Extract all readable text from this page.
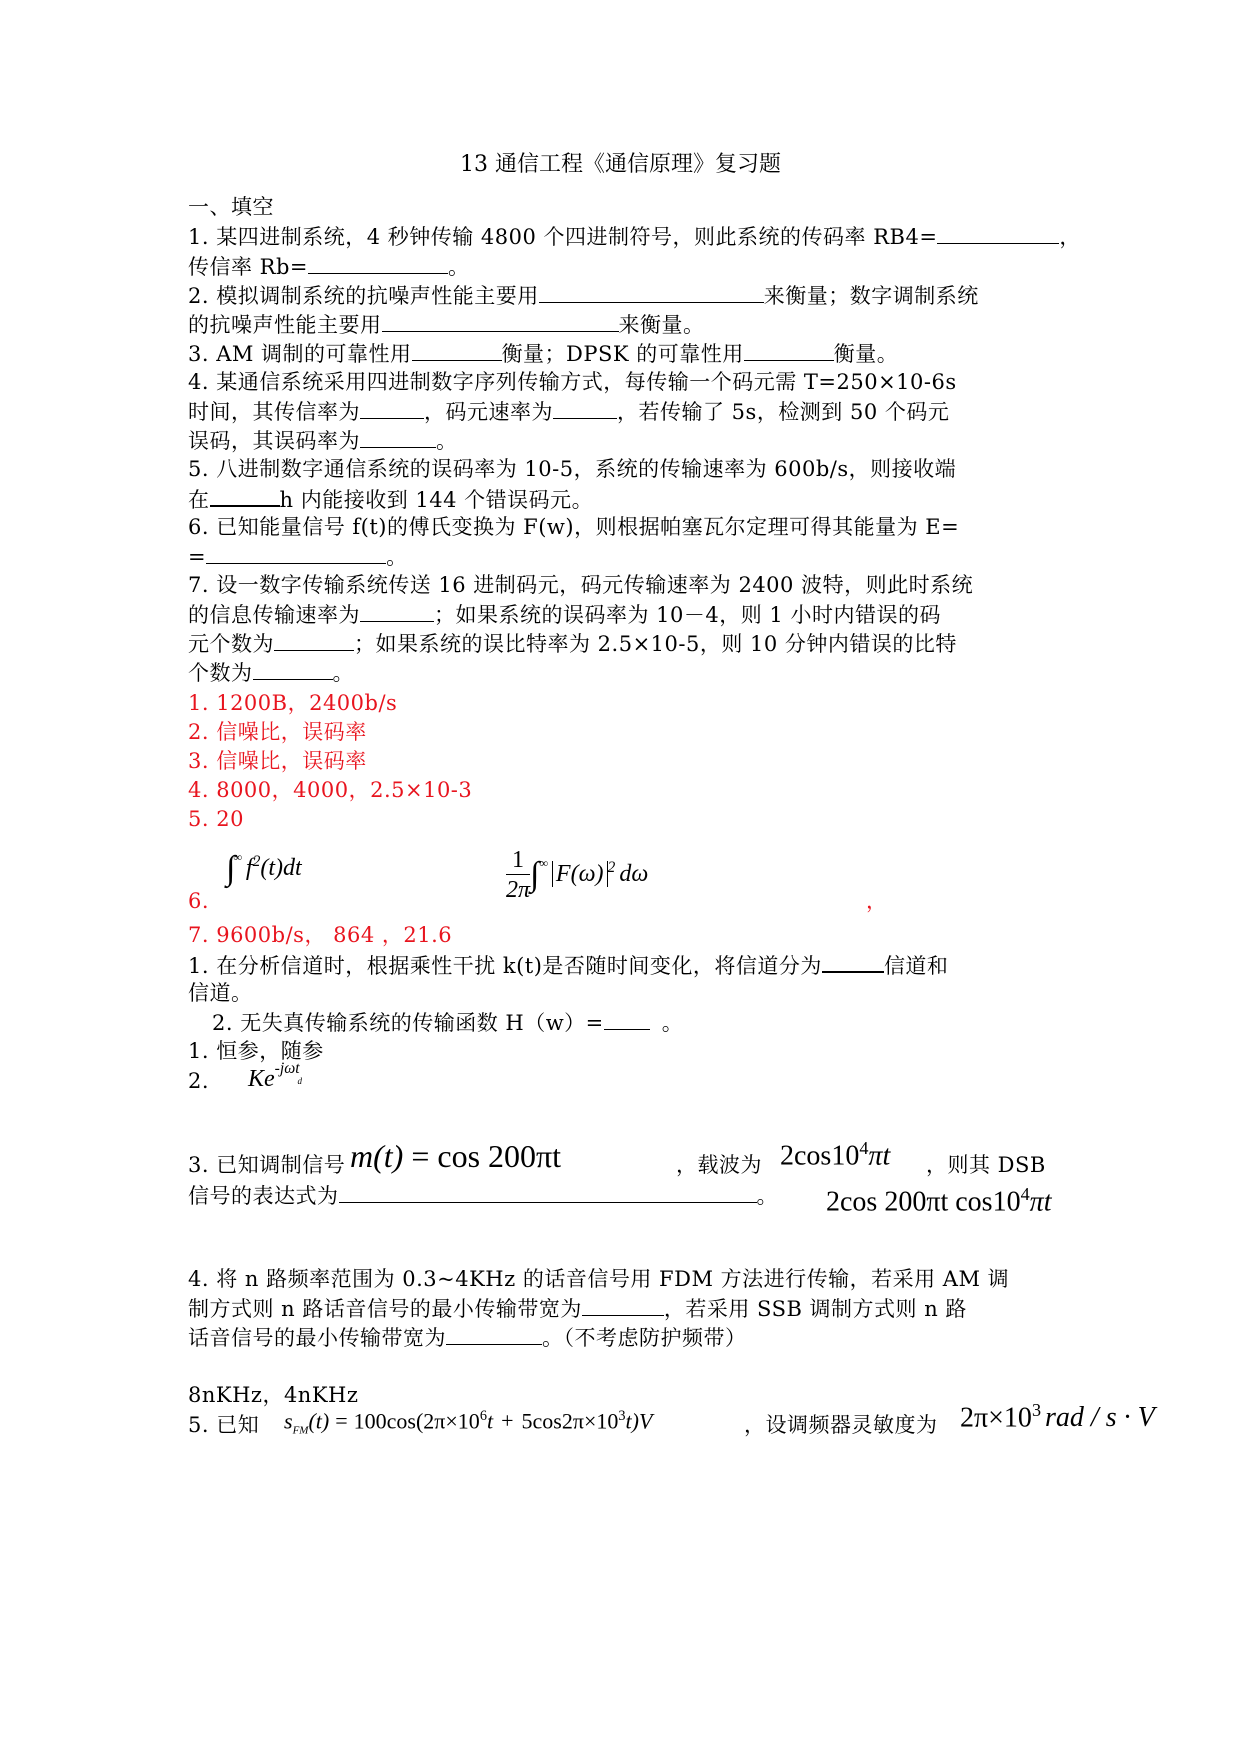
13 通信工程《通信原理》复习题
一、填空
1. 某四进制系统，4 秒钟传输 4800 个四进制符号，则此系统的传码率 RB4=	，
传信率 Rb=	。
2. 模拟调制系统的抗噪声性能主要用	来衡量；数字调制系统
的抗噪声性能主要用	来衡量。
3. AM 调制的可靠性用	衡量；DPSK 的可靠性用	衡量。
4. 某通信系统采用四进制数字序列传输方式，每传输一个码元需 T=250×10-6s
时间，其传信率为	，码元速率为	，若传输了 5s，检测到 50 个码元
误码，其误码率为	。
5. 八进制数字通信系统的误码率为 10-5，系统的传输速率为 600b/s，则接收端
在	h 内能接收到 144 个错误码元。
6. 已知能量信号 f(t)的傅氏变换为 F(w)，则根据帕塞瓦尔定理可得其能量为 E=
=	。
7. 设一数字传输系统传送 16 进制码元，码元传输速率为 2400 波特，则此时系统
的信息传输速率为	；如果系统的误码率为 10－4，则 1 小时内错误的码
元个数为	；如果系统的误比特率为 2.5×10-5，则 10 分钟内错误的比特
个数为	。
1. 1200B，2400b/s
2. 信噪比，误码率
3. 信噪比，误码率
4. 8000，4000，2.5×10-3
5. 20
∫∞ $f^2(t)dt$
6.	$\frac{1}{2\pi} \int^\infty$ F(ω) $^2$ dω
，
7. 9600b/s， 864 ，21.6
1. 在分析信道时，根据乘性干扰 k(t)是否随时间变化，将信道分为	信道和
信道。
2. 无失真传输系统的传输函数 H（w）=	。
1. 恒参，随参
2. $Ke^{-j\omega t}_d$
3. 已知调制信号 m(t) = cos 200πt	，载波为 $2\cos 10^4\pi t$ ，则其 DSB
信号的表达式为	。 2cos 200πt $\cos 10^4\pi t$
4. 将 n 路频率范围为 0.3~4KHz 的话音信号用 FDM 方法进行传输，若采用 AM 调
制方式则 n 路话音信号的最小传输带宽为	，若采用 SSB 调制方式则 n 路
话音信号的最小传输带宽为	。（不考虑防护频带）
8nKHz，4nKHz
5. 已知 $s_{FM}(t) = 100\cos(2\pi\times 10^6t + 5\cos 2\pi\times 10^3t)V$	，设调频器灵敏度为 $2\pi\times 10^3$ rad / s · V
